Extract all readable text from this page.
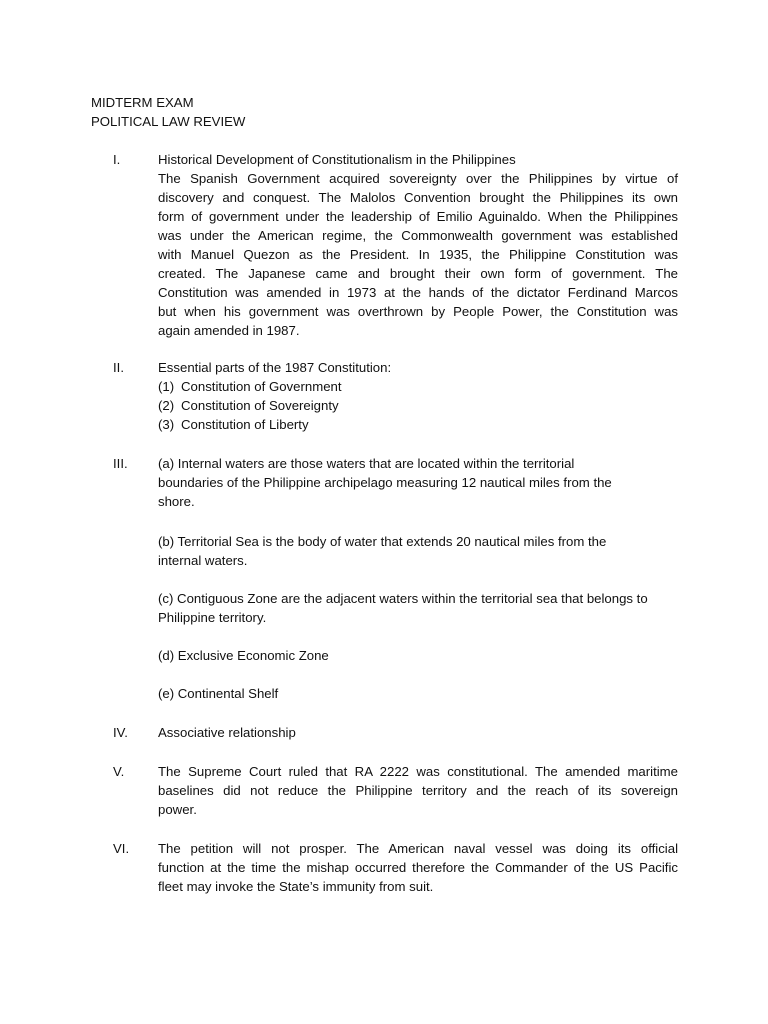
MIDTERM EXAM
POLITICAL LAW REVIEW
I.	Historical Development of Constitutionalism in the Philippines
The Spanish Government acquired sovereignty over the Philippines by virtue of
discovery and conquest. The Malolos Convention brought the Philippines its own
form of government under the leadership of Emilio Aguinaldo. When the Philippines
was under the American regime, the Commonwealth government was established
with Manuel Quezon as the President. In 1935, the Philippine Constitution was
created. The Japanese came and brought their own form of government. The
Constitution was amended in 1973 at the hands of the dictator Ferdinand Marcos
but when his government was overthrown by People Power, the Constitution was
again amended in 1987.
II.	Essential parts of the 1987 Constitution:
(1) Constitution of Government
(2) Constitution of Sovereignty
(3) Constitution of Liberty
III.	(a) Internal waters are those waters that are located within the territorial
boundaries of the Philippine archipelago measuring 12 nautical miles from the
shore.
(b) Territorial Sea is the body of water that extends 20 nautical miles from the
internal waters.
(c) Contiguous Zone are the adjacent waters within the territorial sea that belongs to
Philippine territory.
(d) Exclusive Economic Zone
(e) Continental Shelf
IV.	Associative relationship
V.	The Supreme Court ruled that RA 2222 was constitutional. The amended maritime
baselines did not reduce the Philippine territory and the reach of its sovereign
power.
VI.	The petition will not prosper. The American naval vessel was doing its official
function at the time the mishap occurred therefore the Commander of the US Pacific
fleet may invoke the State’s immunity from suit.
